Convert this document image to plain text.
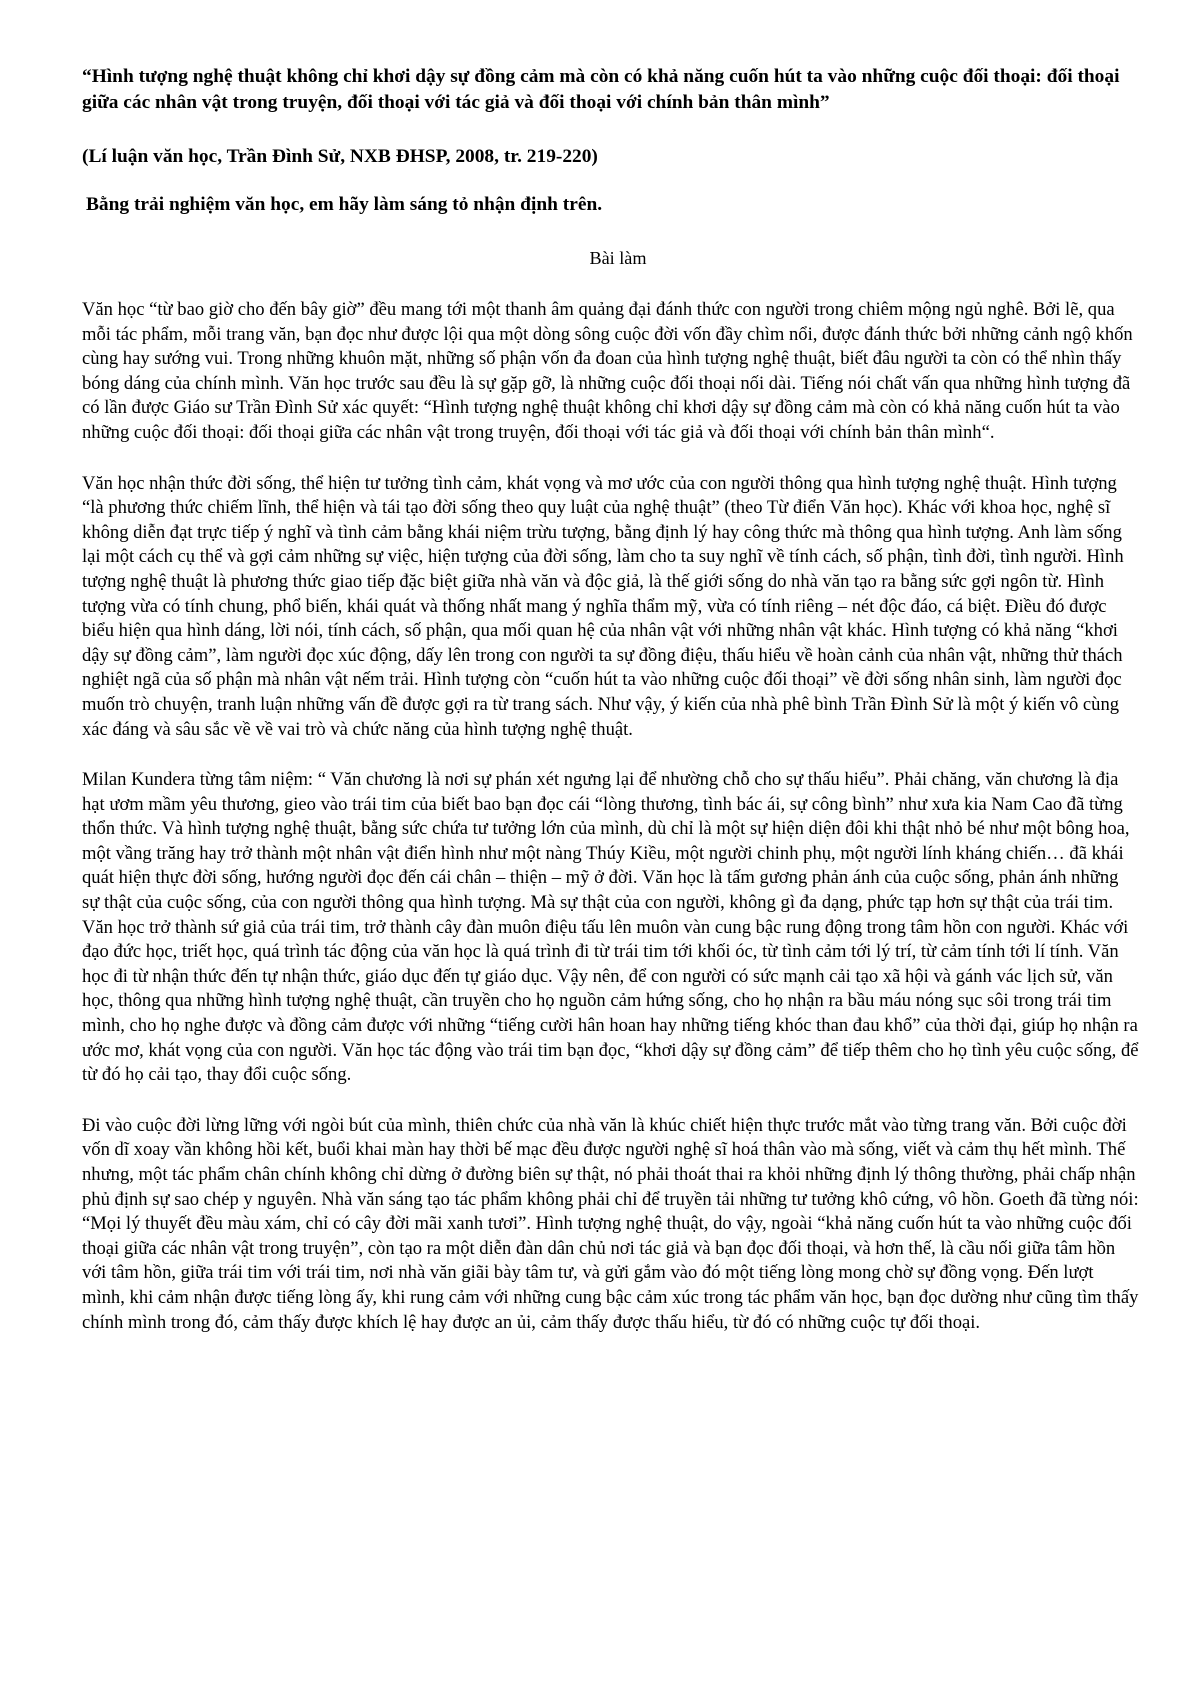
“Hình tượng nghệ thuật không chỉ khơi dậy sự đồng cảm mà còn có khả năng cuốn hút ta vào những cuộc đối thoại: đối thoại giữa các nhân vật trong truyện, đối thoại với tác giả và đối thoại với chính bản thân mình”

(Lí luận văn học, Trần Đình Sử, NXB ĐHSP, 2008, tr. 219-220)

Bằng trải nghiệm văn học, em hãy làm sáng tỏ nhận định trên.

Bài làm

Văn học “từ bao giờ cho đến bây giờ” đều mang tới một thanh âm quảng đại đánh thức con người trong chiêm mộng ngủ nghê. Bởi lẽ, qua mỗi tác phẩm, mỗi trang văn, bạn đọc như được lội qua một dòng sông cuộc đời vốn đầy chìm nổi, được đánh thức bởi những cảnh ngộ khốn cùng hay sướng vui. Trong những khuôn mặt, những số phận vốn đa đoan của hình tượng nghệ thuật, biết đâu người ta còn có thể nhìn thấy bóng dáng của chính mình. Văn học trước sau đều là sự gặp gỡ, là những cuộc đối thoại nối dài. Tiếng nói chất vấn qua những hình tượng đã có lần được Giáo sư Trần Đình Sử xác quyết: “Hình tượng nghệ thuật không chỉ khơi dậy sự đồng cảm mà còn có khả năng cuốn hút ta vào những cuộc đối thoại: đối thoại giữa các nhân vật trong truyện, đối thoại với tác giả và đối thoại với chính bản thân mình“.

Văn học nhận thức đời sống, thể hiện tư tưởng tình cảm, khát vọng và mơ ước của con người thông qua hình tượng nghệ thuật. Hình tượng “là phương thức chiếm lĩnh, thể hiện và tái tạo đời sống theo quy luật của nghệ thuật” (theo Từ điển Văn học). Khác với khoa học, nghệ sĩ không diễn đạt trực tiếp ý nghĩ và tình cảm bằng khái niệm trừu tượng, bằng định lý hay công thức mà thông qua hình tượng. Anh làm sống lại một cách cụ thể và gợi cảm những sự việc, hiện tượng của đời sống, làm cho ta suy nghĩ về tính cách, số phận, tình đời, tình người. Hình tượng nghệ thuật là phương thức giao tiếp đặc biệt giữa nhà văn và độc giả, là thế giới sống do nhà văn tạo ra bằng sức gợi ngôn từ. Hình tượng vừa có tính chung, phổ biến, khái quát và thống nhất mang ý nghĩa thẩm mỹ, vừa có tính riêng – nét độc đáo, cá biệt. Điều đó được biểu hiện qua hình dáng, lời nói, tính cách, số phận, qua mối quan hệ của nhân vật với những nhân vật khác. Hình tượng có khả năng “khơi dậy sự đồng cảm”, làm người đọc xúc động, dấy lên trong con người ta sự đồng điệu, thấu hiểu về hoàn cảnh của nhân vật, những thử thách nghiệt ngã của số phận mà nhân vật nếm trải. Hình tượng còn “cuốn hút ta vào những cuộc đối thoại” về đời sống nhân sinh, làm người đọc muốn trò chuyện, tranh luận những vấn đề được gợi ra từ trang sách. Như vậy, ý kiến của nhà phê bình Trần Đình Sử là một ý kiến vô cùng xác đáng và sâu sắc về về vai trò và chức năng của hình tượng nghệ thuật.

Milan Kundera từng tâm niệm: “ Văn chương là nơi sự phán xét ngưng lại để nhường chỗ cho sự thấu hiểu”. Phải chăng, văn chương là địa hạt ươm mầm yêu thương, gieo vào trái tim của biết bao bạn đọc cái “lòng thương, tình bác ái, sự công bình” như xưa kia Nam Cao đã từng thổn thức. Và hình tượng nghệ thuật, bằng sức chứa tư tưởng lớn của mình, dù chỉ là một sự hiện diện đôi khi thật nhỏ bé như một bông hoa, một vầng trăng hay trở thành một nhân vật điển hình như một nàng Thúy Kiều, một người chinh phụ, một người lính kháng chiến… đã khái quát hiện thực đời sống, hướng người đọc đến cái chân – thiện – mỹ ở đời. Văn học là tấm gương phản ánh của cuộc sống, phản ánh những sự thật của cuộc sống, của con người thông qua hình tượng. Mà sự thật của con người, không gì đa dạng, phức tạp hơn sự thật của trái tim. Văn học trở thành sứ giả của trái tim, trở thành cây đàn muôn điệu tấu lên muôn vàn cung bậc rung động trong tâm hồn con người. Khác với đạo đức học, triết học, quá trình tác động của văn học là quá trình đi từ trái tim tới khối óc, từ tình cảm tới lý trí, từ cảm tính tới lí tính. Văn học đi từ nhận thức đến tự nhận thức, giáo dục đến tự giáo dục. Vậy nên, để con người có sức mạnh cải tạo xã hội và gánh vác lịch sử, văn học, thông qua những hình tượng nghệ thuật, cần truyền cho họ nguồn cảm hứng sống, cho họ nhận ra bầu máu nóng sục sôi trong trái tim mình, cho họ nghe được và đồng cảm được với những “tiếng cười hân hoan hay những tiếng khóc than đau khổ” của thời đại, giúp họ nhận ra ước mơ, khát vọng của con người. Văn học tác động vào trái tim bạn đọc, “khơi dậy sự đồng cảm” để tiếp thêm cho họ tình yêu cuộc sống, để từ đó họ cải tạo, thay đổi cuộc sống.

Đi vào cuộc đời lừng lững với ngòi bút của mình, thiên chức của nhà văn là khúc chiết hiện thực trước mắt vào từng trang văn. Bởi cuộc đời vốn dĩ xoay vần không hồi kết, buổi khai màn hay thời bế mạc đều được người nghệ sĩ hoá thân vào mà sống, viết và cảm thụ hết mình. Thế nhưng, một tác phẩm chân chính không chỉ dừng ở đường biên sự thật, nó phải thoát thai ra khỏi những định lý thông thường, phải chấp nhận phủ định sự sao chép y nguyên. Nhà văn sáng tạo tác phẩm không phải chỉ để truyền tải những tư tưởng khô cứng, vô hồn. Goeth đã từng nói: “Mọi lý thuyết đều màu xám, chỉ có cây đời mãi xanh tươi”. Hình tượng nghệ thuật, do vậy, ngoài “khả năng cuốn hút ta vào những cuộc đối thoại giữa các nhân vật trong truyện”, còn tạo ra một diễn đàn dân chủ nơi tác giả và bạn đọc đối thoại, và hơn thế, là cầu nối giữa tâm hồn với tâm hồn, giữa trái tim với trái tim, nơi nhà văn giãi bày tâm tư, và gửi gắm vào đó một tiếng lòng mong chờ sự đồng vọng. Đến lượt mình, khi cảm nhận được tiếng lòng ấy, khi rung cảm với những cung bậc cảm xúc trong tác phẩm văn học, bạn đọc dường như cũng tìm thấy chính mình trong đó, cảm thấy được khích lệ hay được an ủi, cảm thấy được thấu hiểu, từ đó có những cuộc tự đối thoại.
